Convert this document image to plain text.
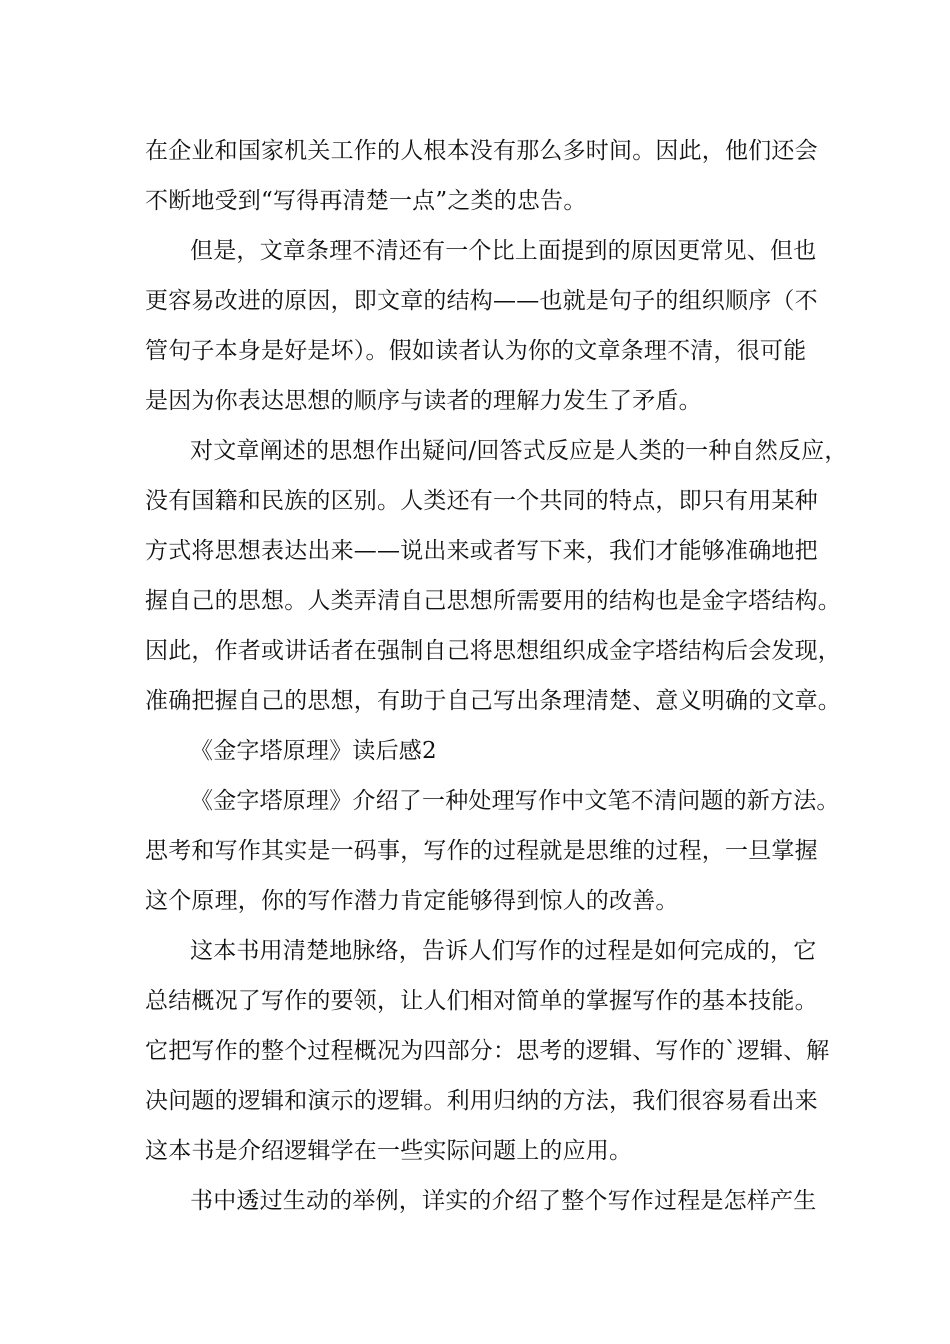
在企业和国家机关工作的人根本没有那么多时间。因此，他们还会
不断地受到“写得再清楚一点”之类的忠告。
但是，文章条理不清还有一个比上面提到的原因更常见、但也
更容易改进的原因，即文章的结构——也就是句子的组织顺序（不
管句子本身是好是坏）。假如读者认为你的文章条理不清，很可能
是因为你表达思想的顺序与读者的理解力发生了矛盾。
对文章阐述的思想作出疑问/回答式反应是人类的一种自然反应，
没有国籍和民族的区别。人类还有一个共同的特点，即只有用某种
方式将思想表达出来——说出来或者写下来，我们才能够准确地把
握自己的思想。人类弄清自己思想所需要用的结构也是金字塔结构。
因此，作者或讲话者在强制自己将思想组织成金字塔结构后会发现，
准确把握自己的思想，有助于自己写出条理清楚、意义明确的文章。
《金字塔原理》读后感2
《金字塔原理》介绍了一种处理写作中文笔不清问题的新方法。
思考和写作其实是一码事，写作的过程就是思维的过程，一旦掌握
这个原理，你的写作潜力肯定能够得到惊人的改善。
这本书用清楚地脉络，告诉人们写作的过程是如何完成的，它
总结概况了写作的要领，让人们相对简单的掌握写作的基本技能。
它把写作的整个过程概况为四部分：思考的逻辑、写作的`逻辑、解
决问题的逻辑和演示的逻辑。利用归纳的方法，我们很容易看出来
这本书是介绍逻辑学在一些实际问题上的应用。
书中透过生动的举例，详实的介绍了整个写作过程是怎样产生
